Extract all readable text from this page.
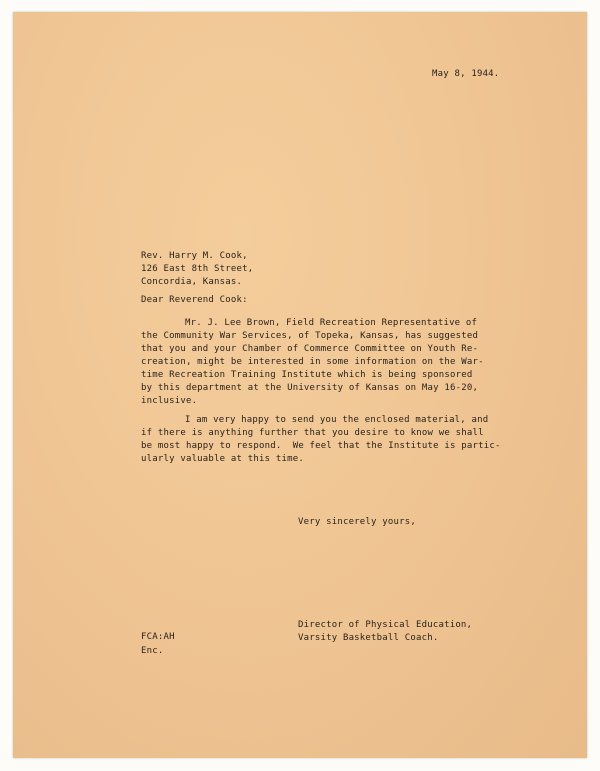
May 8, 1944.

Rev. Harry M. Cook,

126 East 8th Street,

Concordia, Kansas.

Dear Reverend Cook:

Mr. J. Lee Brown, Field Recreation Representative of

the Community War Services, of Topeka, Kansas, has suggested

that you and your Chamber of Commerce Committee on Youth Re-

creation, might be interested in some information on the War-

time Recreation Training Institute which is being sponsored

by this department at the University of Kansas on May 16-20,

inclusive.

I am very happy to send you the enclosed material, and

if there is anything further that you desire to know we shall

be most happy to respond.  We feel that the Institute is partic-

ularly valuable at this time.

Very sincerely yours,

Director of Physical Education,

Varsity Basketball Coach.

FCA:AH

Enc.
